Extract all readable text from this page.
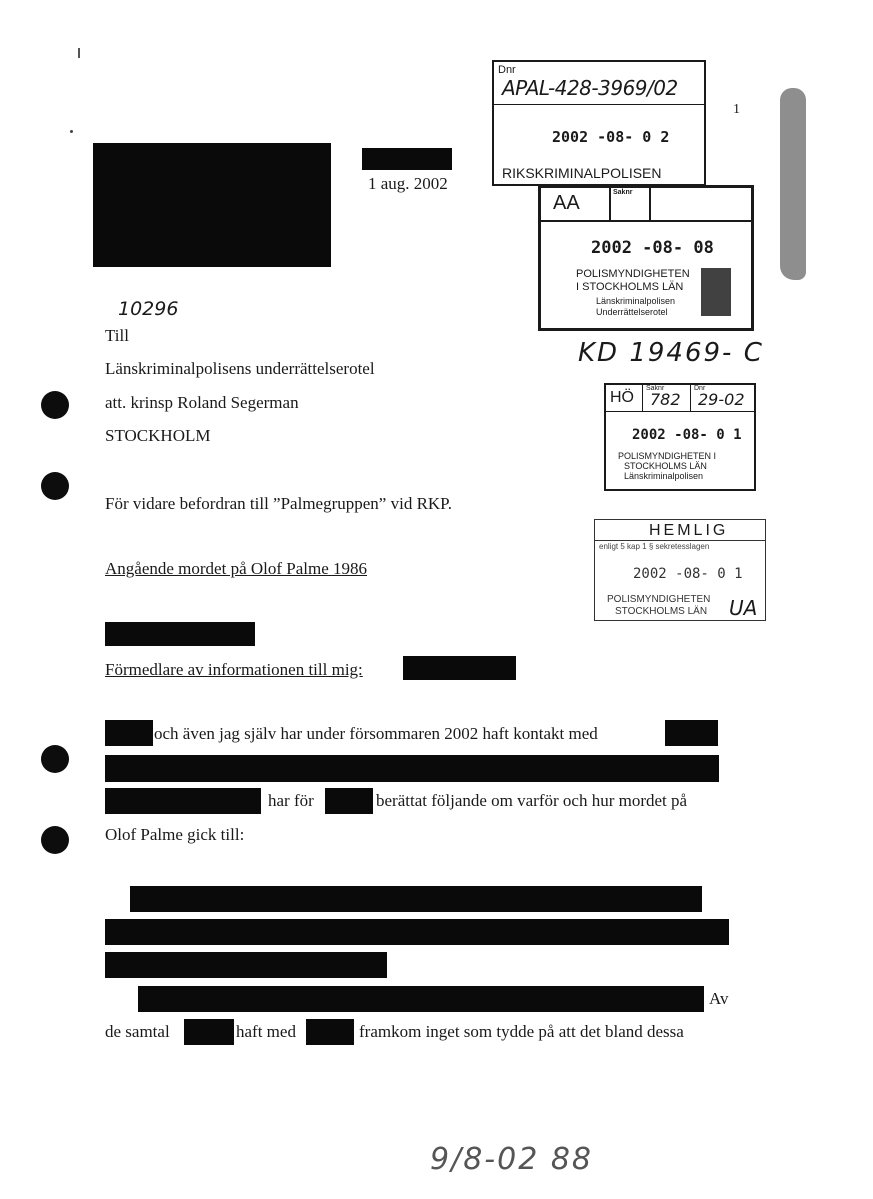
1
1 aug. 2002
Dnr
APAL-428-3969/02
2002 -08- 0 2
RIKSKRIMINALPOLISEN
AA	Saknr
2002 -08- 08
POLISMYNDIGHETEN
I STOCKHOLMS LÄN
Länskriminalpolisen
Underrättelserotel
10296
KD 19469- C
HÖ
Saknr
782
Dnr
29-02
2002 -08- 0 1
POLISMYNDIGHETEN I
STOCKHOLMS LÄN
Länskriminalpolisen
HEMLIG
enligt 5 kap 1 § sekretesslagen
2002 -08- 0 1
POLISMYNDIGHETEN
STOCKHOLMS LÄN UA
Till
Länskriminalpolisens underrättelserotel
att. krinsp Roland Segerman
STOCKHOLM
För vidare befordran till ”Palmegruppen” vid RKP.
Angående mordet på Olof Palme 1986
Förmedlare av informationen till mig:
och även jag själv har under försommaren 2002 haft kontakt med
har för	berättat följande om varför och hur mordet på
Olof Palme gick till:
Av
de samtal	haft med	framkom inget som tydde på att det bland dessa
9/8-02 88
